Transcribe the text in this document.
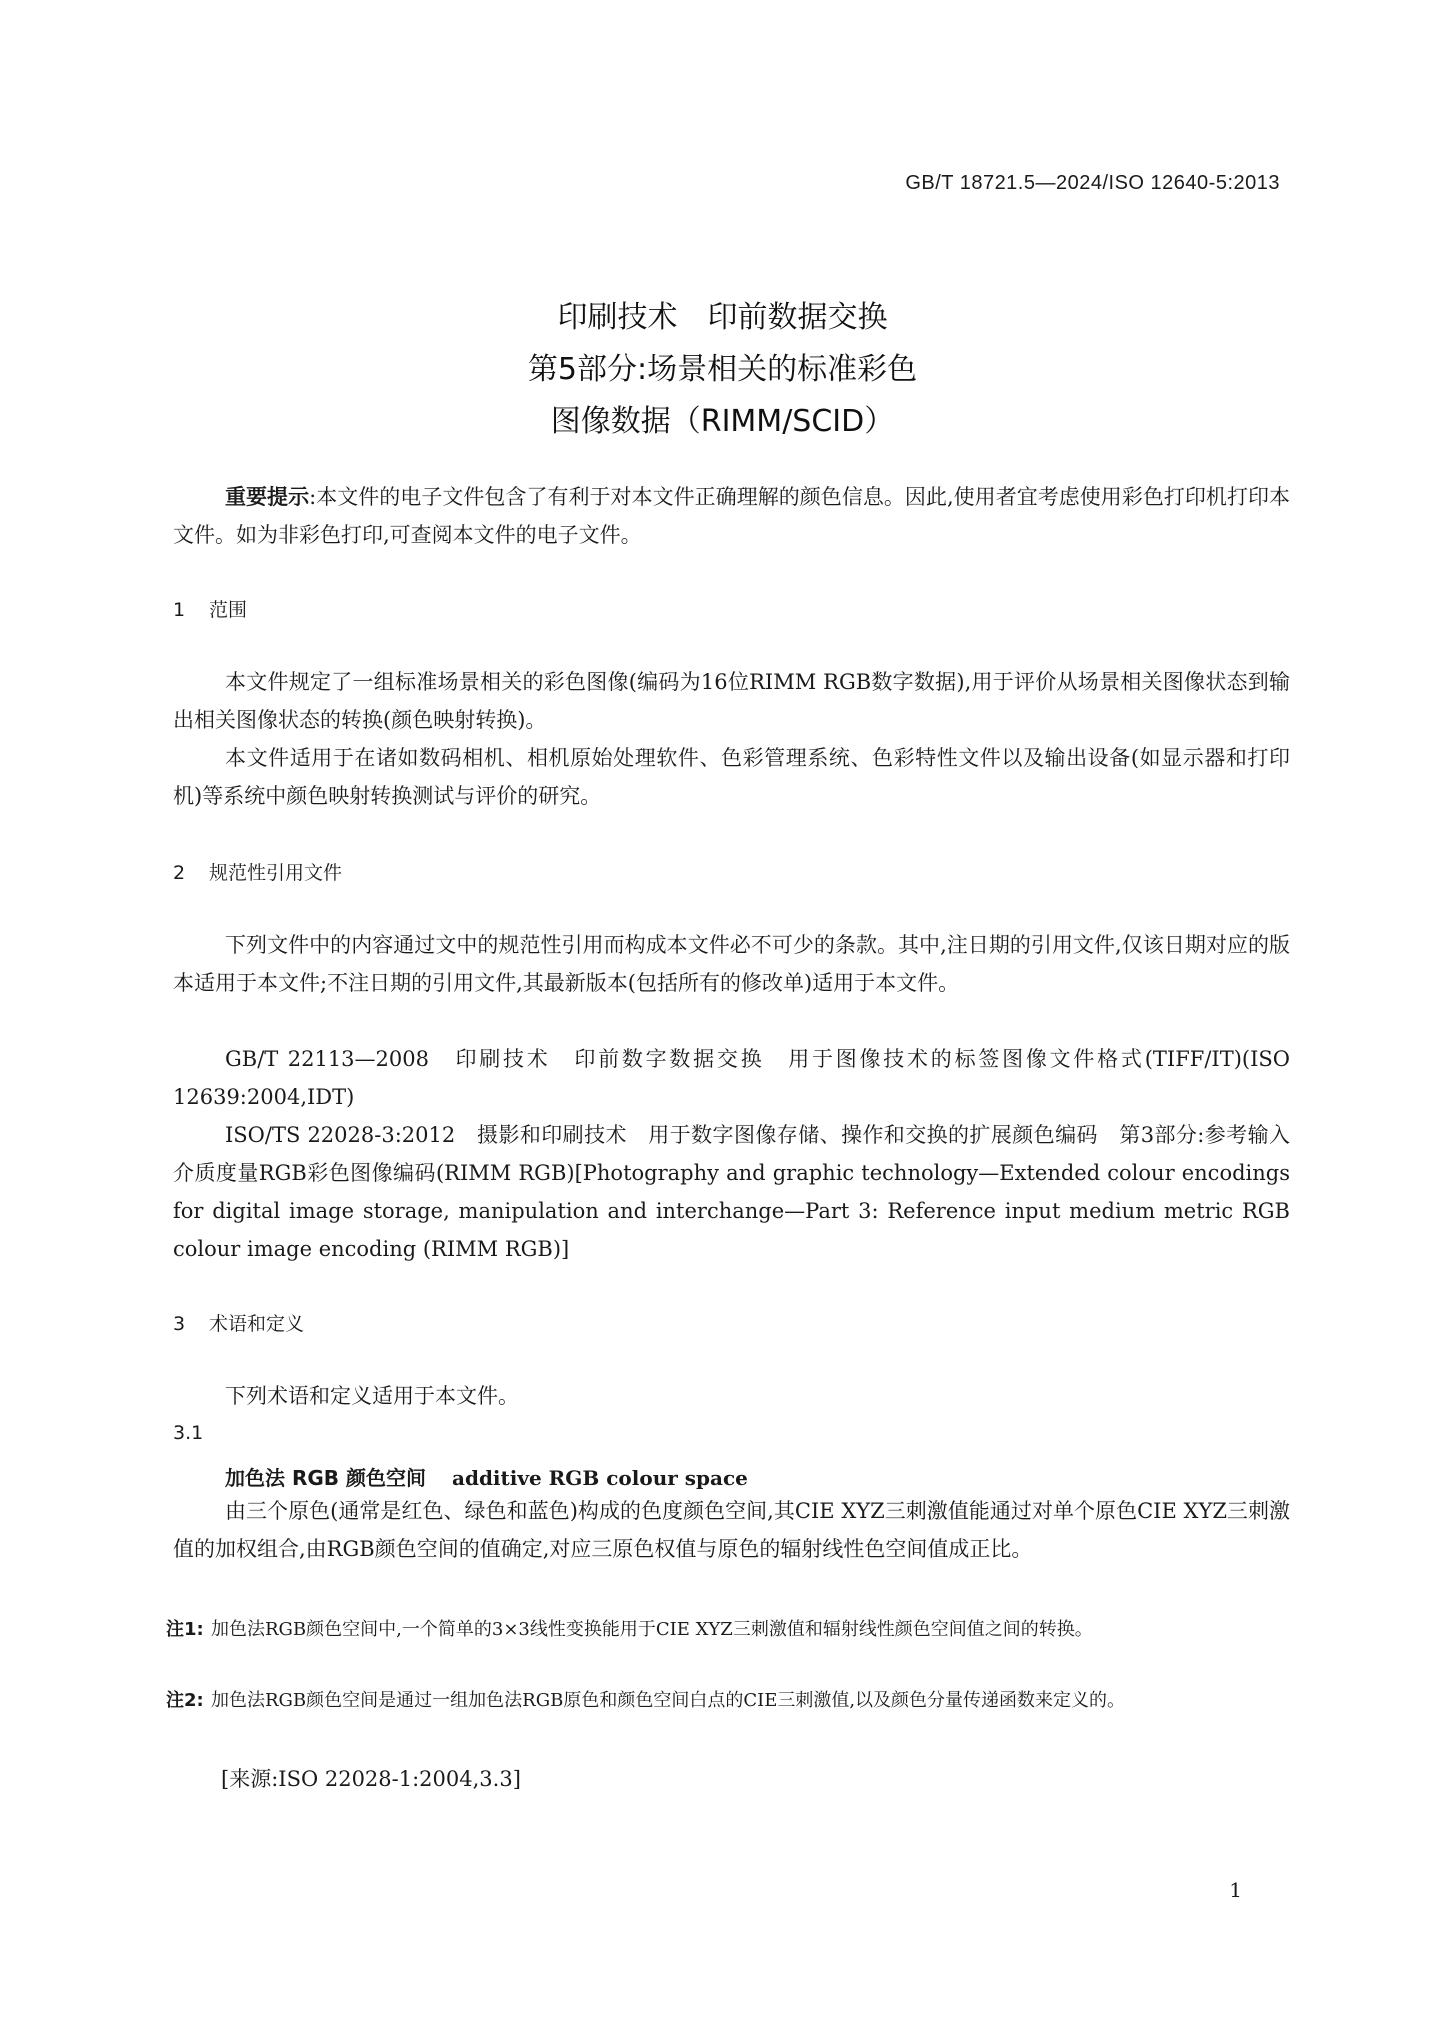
GB/T 18721.5—2024/ISO 12640-5:2013
印刷技术　印前数据交换
第5部分:场景相关的标准彩色
图像数据（RIMM/SCID）
重要提示:本文件的电子文件包含了有利于对本文件正确理解的颜色信息。因此,使用者宜考虑使用彩色打印机打印本文件。如为非彩色打印,可查阅本文件的电子文件。
1 范围
本文件规定了一组标准场景相关的彩色图像(编码为16位RIMM RGB数字数据),用于评价从场景相关图像状态到输出相关图像状态的转换(颜色映射转换)。
本文件适用于在诸如数码相机、相机原始处理软件、色彩管理系统、色彩特性文件以及输出设备(如显示器和打印机)等系统中颜色映射转换测试与评价的研究。
2 规范性引用文件
下列文件中的内容通过文中的规范性引用而构成本文件必不可少的条款。其中,注日期的引用文件,仅该日期对应的版本适用于本文件;不注日期的引用文件,其最新版本(包括所有的修改单)适用于本文件。
GB/T 22113—2008　印刷技术　印前数字数据交换　用于图像技术的标签图像文件格式(TIFF/IT)(ISO 12639:2004,IDT)
ISO/TS 22028-3:2012　摄影和印刷技术　用于数字图像存储、操作和交换的扩展颜色编码　第3部分:参考输入介质度量RGB彩色图像编码(RIMM RGB)[Photography and graphic technology—Extended colour encodings for digital image storage, manipulation and interchange—Part 3: Reference input medium metric RGB colour image encoding (RIMM RGB)]
3 术语和定义
下列术语和定义适用于本文件。
3.1
加色法 RGB 颜色空间 additive RGB colour space
由三个原色(通常是红色、绿色和蓝色)构成的色度颜色空间,其CIE XYZ三刺激值能通过对单个原色CIE XYZ三刺激值的加权组合,由RGB颜色空间的值确定,对应三原色权值与原色的辐射线性色空间值成正比。
注1: 加色法RGB颜色空间中,一个简单的3×3线性变换能用于CIE XYZ三刺激值和辐射线性颜色空间值之间的转换。
注2: 加色法RGB颜色空间是通过一组加色法RGB原色和颜色空间白点的CIE三刺激值,以及颜色分量传递函数来定义的。
[来源:ISO 22028-1:2004,3.3]
1
